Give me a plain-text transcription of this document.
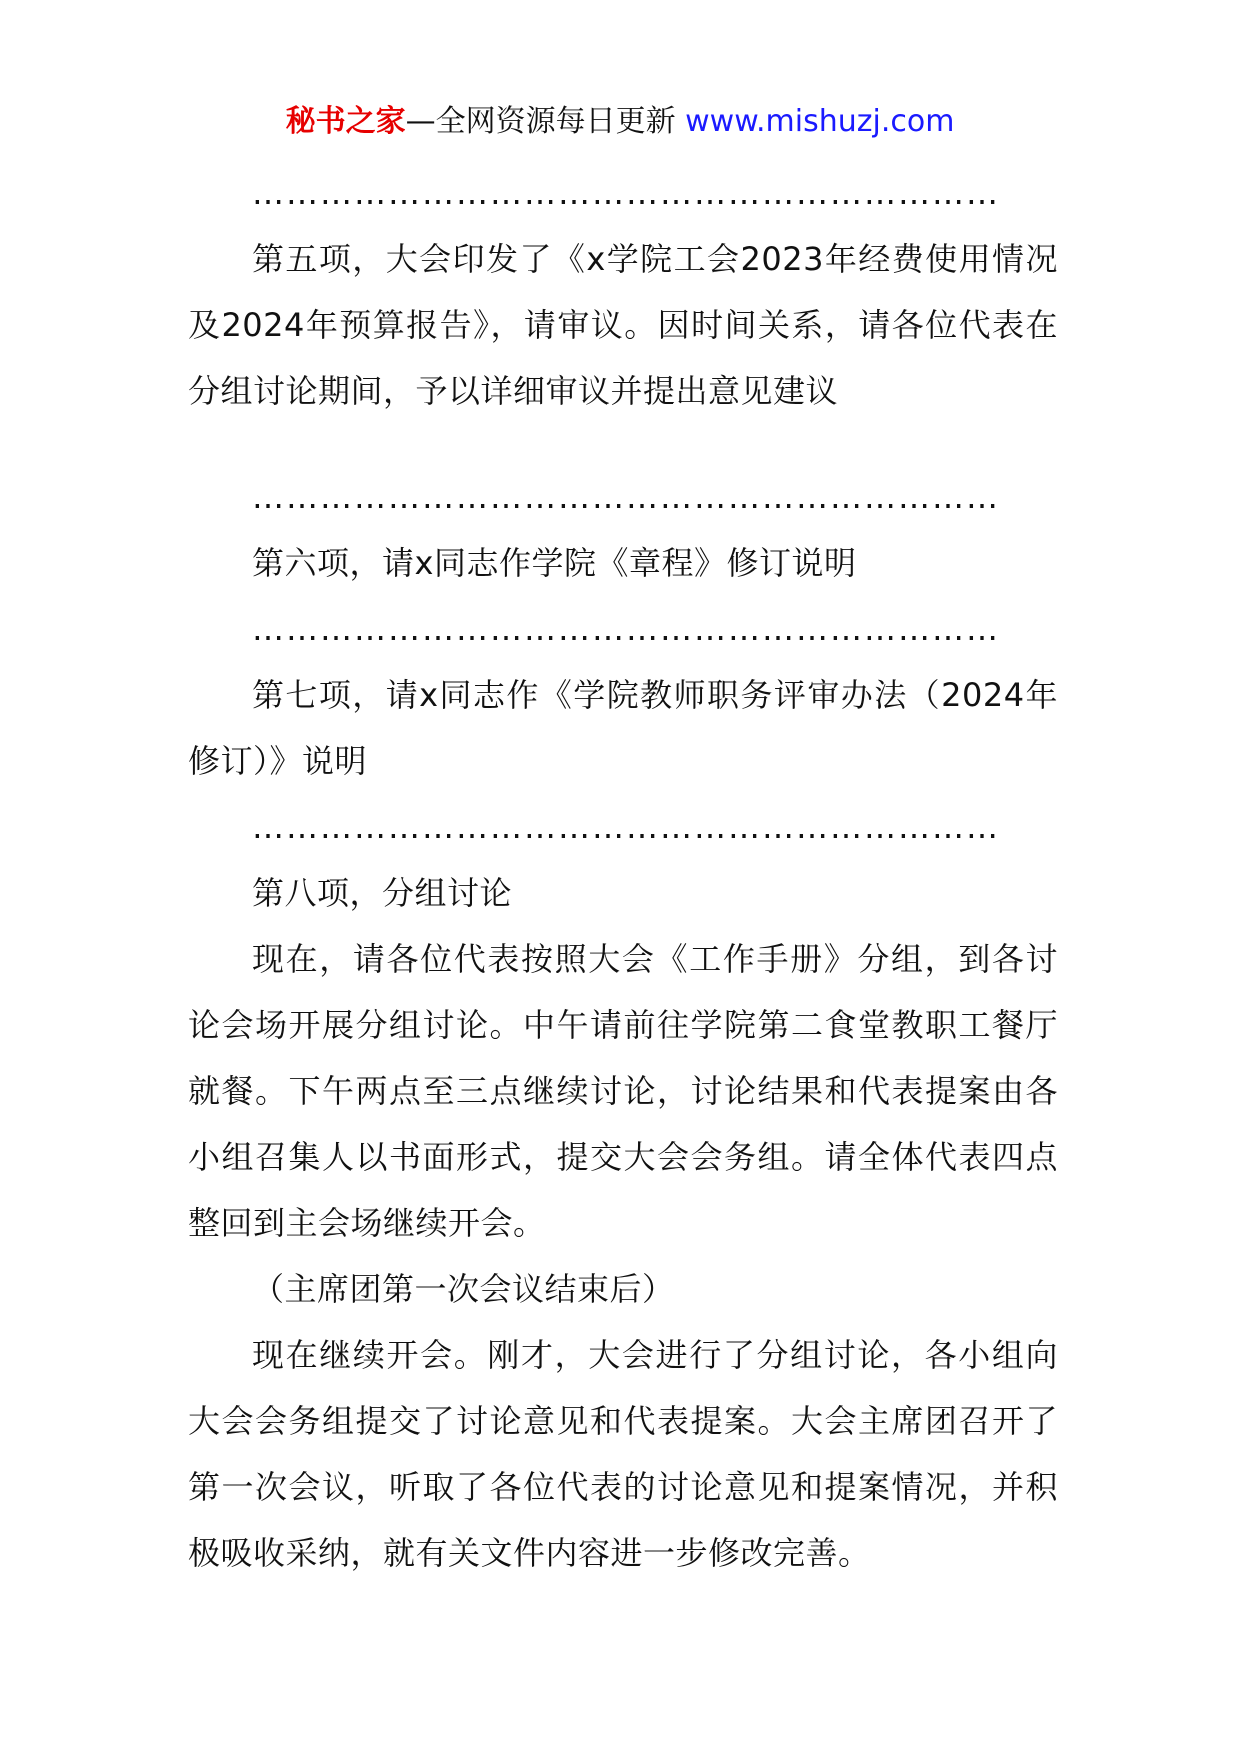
秘书之家—全网资源每日更新 www.mishuzj.com

…………………………………………………………

第五项，大会印发了《x学院工会2023年经费使用情况及2024年预算报告》，请审议。因时间关系，请各位代表在分组讨论期间，予以详细审议并提出意见建议

…………………………………………………………

第六项，请x同志作学院《章程》修订说明

…………………………………………………………

第七项，请x同志作《学院教师职务评审办法（2024年修订）》说明

…………………………………………………………

第八项，分组讨论

现在，请各位代表按照大会《工作手册》分组，到各讨论会场开展分组讨论。中午请前往学院第二食堂教职工餐厅就餐。下午两点至三点继续讨论，讨论结果和代表提案由各小组召集人以书面形式，提交大会会务组。请全体代表四点整回到主会场继续开会。

（主席团第一次会议结束后）

现在继续开会。刚才，大会进行了分组讨论，各小组向大会会务组提交了讨论意见和代表提案。大会主席团召开了第一次会议，听取了各位代表的讨论意见和提案情况，并积极吸收采纳，就有关文件内容进一步修改完善。
